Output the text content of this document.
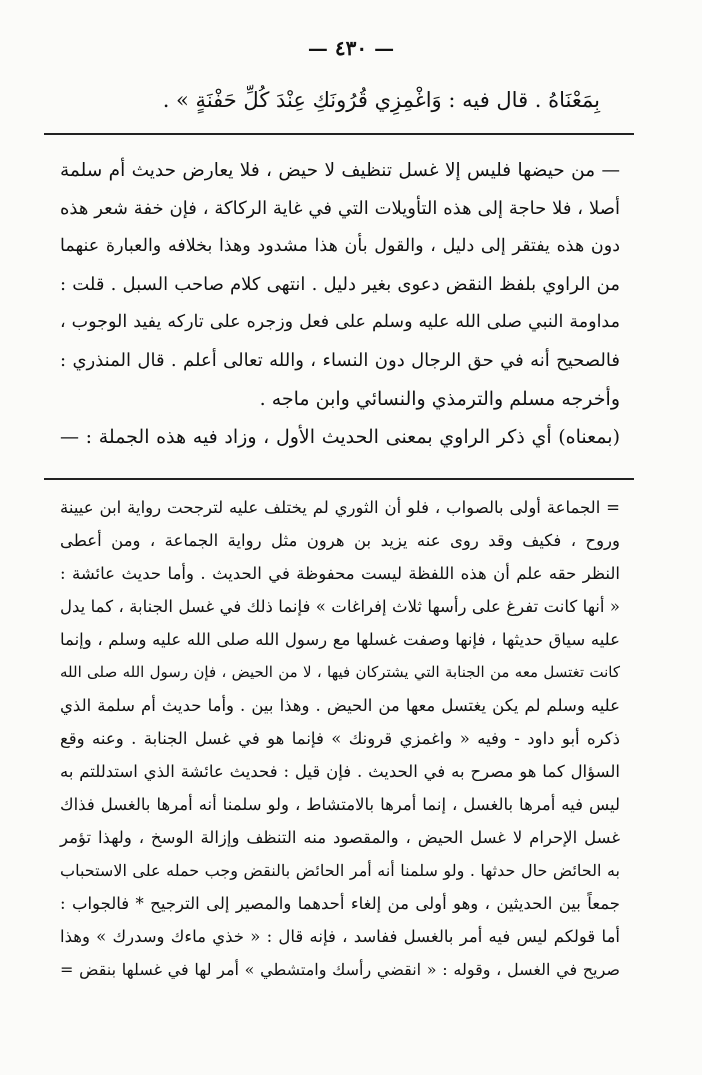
— ٤٣٠ —
بِمَعْنَاهُ . قال فيه : وَاغْمِزِي قُرُونَكِ عِنْدَ كُلِّ حَفْنَةٍ » .
— من حيضها فليس إلا غسل تنظيف لا حيض ، فلا يعارض حديث أم سلمة
أصلا ، فلا حاجة إلى هذه التأويلات التي في غاية الركاكة ، فإن خفة شعر هذه
دون هذه يفتقر إلى دليل ، والقول بأن هذا مشدود وهذا بخلافه والعبارة عنهما
من الراوي بلفظ النقض دعوى بغير دليل . انتهى كلام صاحب السبل . قلت :
مداومة النبي صلى الله عليه وسلم على فعل وزجره على تاركه يفيد الوجوب ،
فالصحيح أنه في حق الرجال دون النساء ، والله تعالى أعلم . قال المنذري :
وأخرجه مسلم والترمذي والنسائي وابن ماجه .
(بمعناه) أي ذكر الراوي بمعنى الحديث الأول ، وزاد فيه هذه الجملة : —
= الجماعة أولى بالصواب ، فلو أن الثوري لم يختلف عليه لترجحت رواية ابن عيينة
وروح ، فكيف وقد روى عنه يزيد بن هرون مثل رواية الجماعة ، ومن أعطى
النظر حقه علم أن هذه اللفظة ليست محفوظة في الحديث . وأما حديث عائشة :
« أنها كانت تفرغ على رأسها ثلاث إفراغات » فإنما ذلك في غسل الجنابة ، كما يدل
عليه سياق حديثها ، فإنها وصفت غسلها مع رسول الله صلى الله عليه وسلم ، وإنما
كانت تغتسل معه من الجنابة التي يشتركان فيها ، لا من الحيض ، فإن رسول الله صلى الله
عليه وسلم لم يكن يغتسل معها من الحيض . وهذا بين . وأما حديث أم سلمة الذي
ذكره أبو داود - وفيه « واغمزي قرونك » فإنما هو في غسل الجنابة . وعنه وقع
السؤال كما هو مصرح به في الحديث . فإن قيل : فحديث عائشة الذي استدللتم به
ليس فيه أمرها بالغسل ، إنما أمرها بالامتشاط ، ولو سلمنا أنه أمرها بالغسل فذاك
غسل الإحرام لا غسل الحيض ، والمقصود منه التنظف وإزالة الوسخ ، ولهذا تؤمر
به الحائض حال حدثها . ولو سلمنا أنه أمر الحائض بالنقض وجب حمله على الاستحباب
جمعاً بين الحديثين ، وهو أولى من إلغاء أحدهما والمصير إلى الترجيح * فالجواب :
أما قولكم ليس فيه أمر بالغسل ففاسد ، فإنه قال : « خذي ماءك وسدرك » وهذا
صريح في الغسل ، وقوله : « انقضي رأسك وامتشطي » أمر لها في غسلها بنقض =
